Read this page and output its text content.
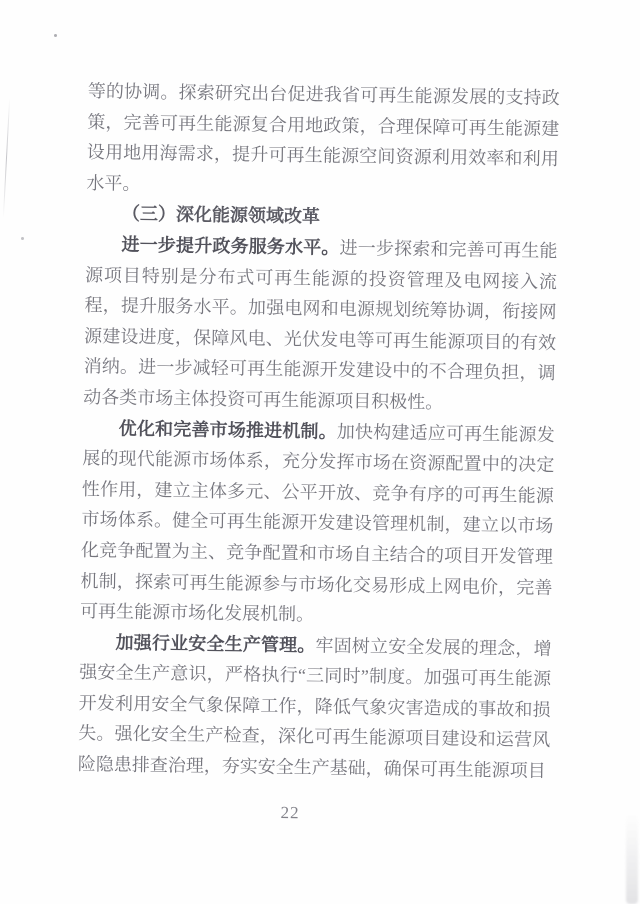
等的协调。探索研究出台促进我省可再生能源发展的支持政策，完善可再生能源复合用地政策，合理保障可再生能源建设用地用海需求，提升可再生能源空间资源利用效率和利用水平。

（三）深化能源领域改革

进一步提升政务服务水平。进一步探索和完善可再生能源项目特别是分布式可再生能源的投资管理及电网接入流程，提升服务水平。加强电网和电源规划统筹协调，衔接网源建设进度，保障风电、光伏发电等可再生能源项目的有效消纳。进一步减轻可再生能源开发建设中的不合理负担，调动各类市场主体投资可再生能源项目积极性。

优化和完善市场推进机制。加快构建适应可再生能源发展的现代能源市场体系，充分发挥市场在资源配置中的决定性作用，建立主体多元、公平开放、竞争有序的可再生能源市场体系。健全可再生能源开发建设管理机制，建立以市场化竞争配置为主、竞争配置和市场自主结合的项目开发管理机制，探索可再生能源参与市场化交易形成上网电价，完善可再生能源市场化发展机制。

加强行业安全生产管理。牢固树立安全发展的理念，增强安全生产意识，严格执行“三同时”制度。加强可再生能源开发利用安全气象保障工作，降低气象灾害造成的事故和损失。强化安全生产检查，深化可再生能源项目建设和运营风险隐患排查治理，夯实安全生产基础，确保可再生能源项目

22
